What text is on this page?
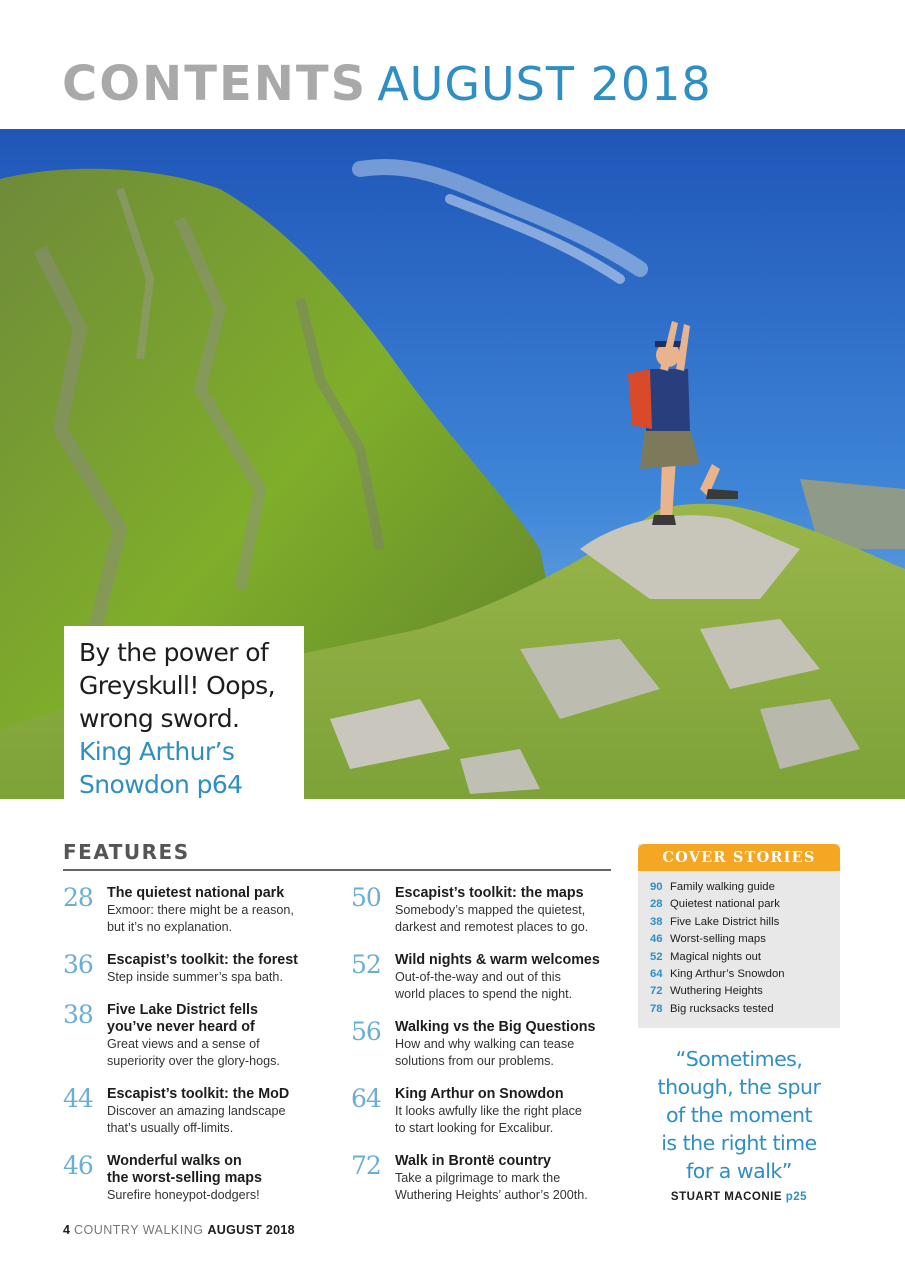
CONTENTS AUGUST 2018
By the power of
Greyskull! Oops,
wrong sword.
King Arthur’s
Snowdon p64
FEATURES
28 The quietest national park
Exmoor: there might be a reason,
but it’s no explanation.
36 Escapist’s toolkit: the forest
Step inside summer’s spa bath.
38 Five Lake District fells
you’ve never heard of
Great views and a sense of
superiority over the glory-hogs.
44 Escapist’s toolkit: the MoD
Discover an amazing landscape
that’s usually off-limits.
46 Wonderful walks on
the worst-selling maps
Surefire honeypot-dodgers!
50 Escapist’s toolkit: the maps
Somebody’s mapped the quietest,
darkest and remotest places to go.
52 Wild nights & warm welcomes
Out-of-the-way and out of this
world places to spend the night.
56 Walking vs the Big Questions
How and why walking can tease
solutions from our problems.
64 King Arthur on Snowdon
It looks awfully like the right place
to start looking for Excalibur.
72 Walk in Brontë country
Take a pilgrimage to mark the
Wuthering Heights’ author’s 200th.
COVER STORIES
90 Family walking guide
28 Quietest national park
38 Five Lake District hills
46 Worst-selling maps
52 Magical nights out
64 King Arthur’s Snowdon
72 Wuthering Heights
78 Big rucksacks tested
“Sometimes,
though, the spur
of the moment
is the right time
for a walk”
STUART MACONIE p25
4 COUNTRY WALKING AUGUST 2018
